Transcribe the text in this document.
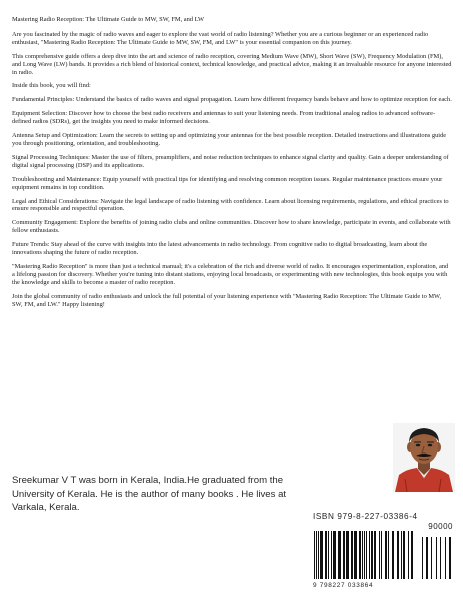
Mastering Radio Reception: The Ultimate Guide to MW, SW, FM, and LW

Are you fascinated by the magic of radio waves and eager to explore the vast world of radio listening? Whether you are a curious beginner or an experienced radio enthusiast, "Mastering Radio Reception: The Ultimate Guide to MW, SW, FM, and LW" is your essential companion on this journey.

This comprehensive guide offers a deep dive into the art and science of radio reception, covering Medium Wave (MW), Short Wave (SW), Frequency Modulation (FM), and Long Wave (LW) bands. It provides a rich blend of historical context, technical knowledge, and practical advice, making it an invaluable resource for anyone interested in radio.

Inside this book, you will find:

Fundamental Principles: Understand the basics of radio waves and signal propagation. Learn how different frequency bands behave and how to optimize reception for each.

Equipment Selection: Discover how to choose the best radio receivers and antennas to suit your listening needs. From traditional analog radios to advanced software-defined radios (SDRs), get the insights you need to make informed decisions.

Antenna Setup and Optimization: Learn the secrets to setting up and optimizing your antennas for the best possible reception. Detailed instructions and illustrations guide you through positioning, orientation, and troubleshooting.

Signal Processing Techniques: Master the use of filters, preamplifiers, and noise reduction techniques to enhance signal clarity and quality. Gain a deeper understanding of digital signal processing (DSP) and its applications.

Troubleshooting and Maintenance: Equip yourself with practical tips for identifying and resolving common reception issues. Regular maintenance practices ensure your equipment remains in top condition.

Legal and Ethical Considerations: Navigate the legal landscape of radio listening with confidence. Learn about licensing requirements, regulations, and ethical practices to ensure responsible and respectful operation.

Community Engagement: Explore the benefits of joining radio clubs and online communities. Discover how to share knowledge, participate in events, and collaborate with fellow enthusiasts.

Future Trends: Stay ahead of the curve with insights into the latest advancements in radio technology. From cognitive radio to digital broadcasting, learn about the innovations shaping the future of radio reception.

"Mastering Radio Reception" is more than just a technical manual; it's a celebration of the rich and diverse world of radio. It encourages experimentation, exploration, and a lifelong passion for discovery. Whether you're tuning into distant stations, enjoying local broadcasts, or experimenting with new technologies, this book equips you with the knowledge and skills to become a master of radio reception.

Join the global community of radio enthusiasts and unlock the full potential of your listening experience with "Mastering Radio Reception: The Ultimate Guide to MW, SW, FM, and LW." Happy listening!

Sreekumar V T was born in Kerala, India.He graduated from the University of Kerala. He is the author of many books . He lives at Varkala, Kerala.
ISBN 979-8-227-03386-4
90000
9 798227 033864
